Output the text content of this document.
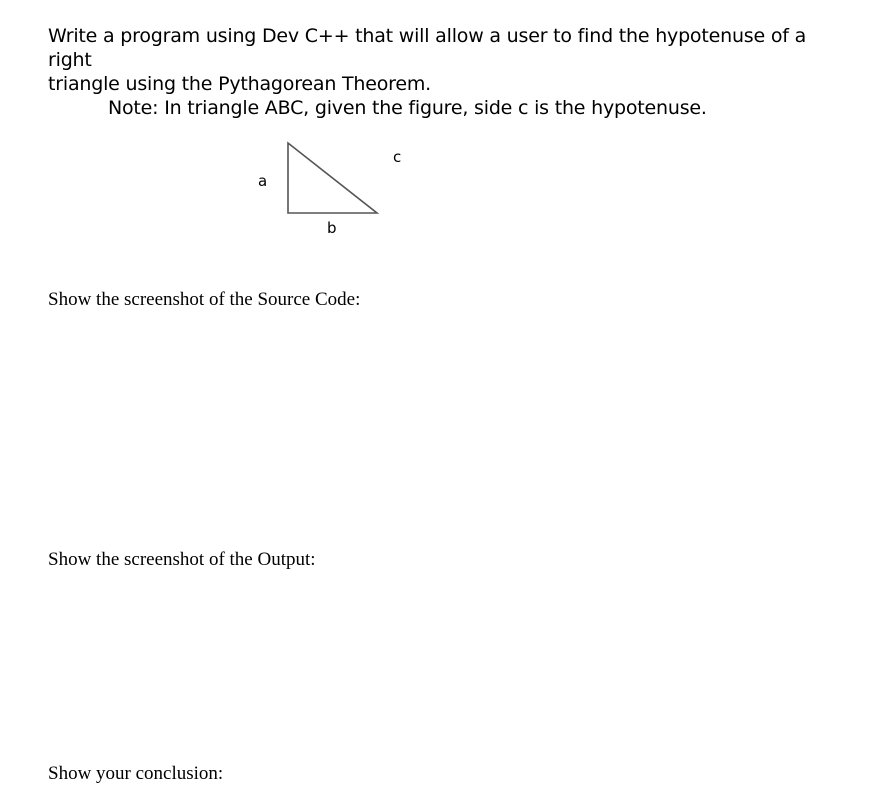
Write a program using Dev C++ that will allow a user to find the hypotenuse of a right
triangle using the Pythagorean Theorem.
Note: In triangle ABC, given the figure, side c is the hypotenuse.
a
b
c
Show the screenshot of the Source Code:
Show the screenshot of the Output:
Show your conclusion:
